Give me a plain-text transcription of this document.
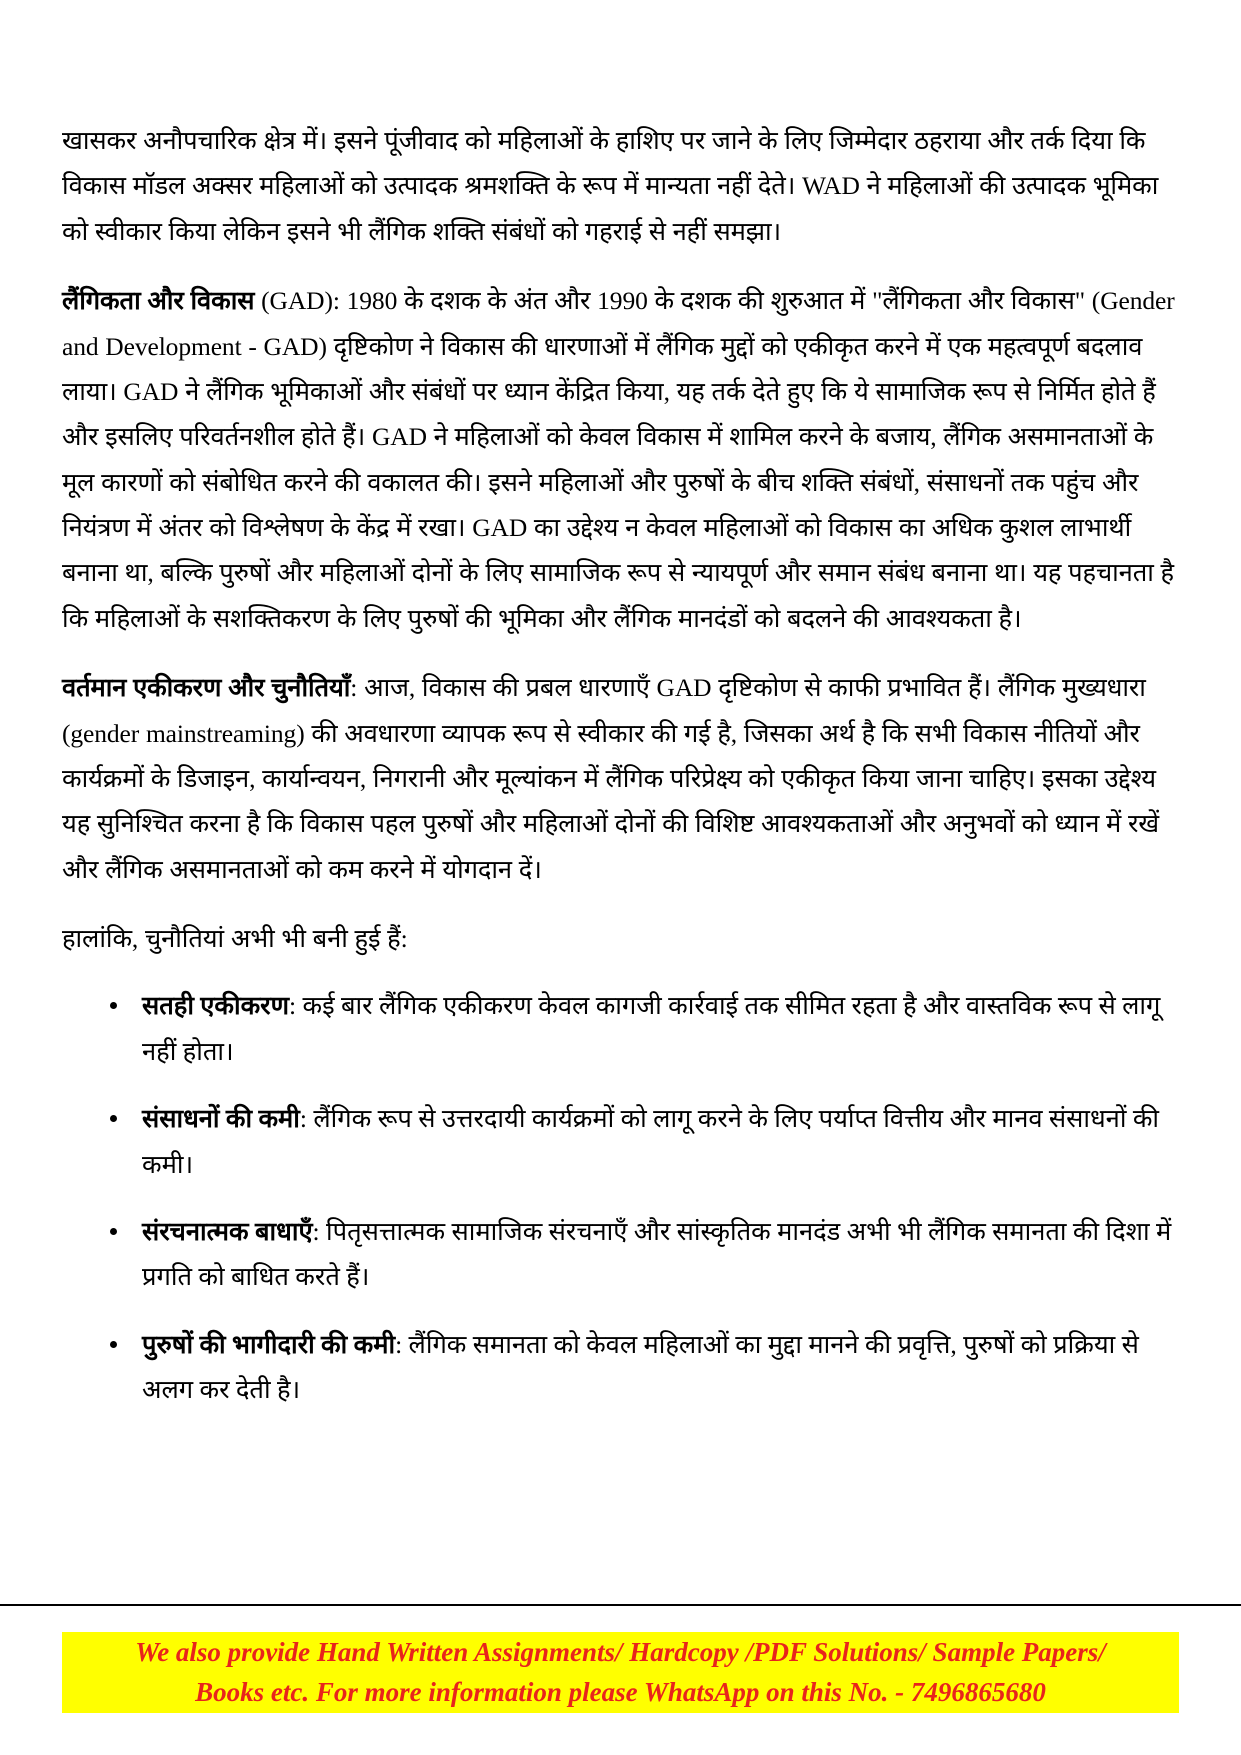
खासकर अनौपचारिक क्षेत्र में। इसने पूंजीवाद को महिलाओं के हाशिए पर जाने के लिए जिम्मेदार ठहराया और तर्क दिया कि विकास मॉडल अक्सर महिलाओं को उत्पादक श्रमशक्ति के रूप में मान्यता नहीं देते। WAD ने महिलाओं की उत्पादक भूमिका को स्वीकार किया लेकिन इसने भी लैंगिक शक्ति संबंधों को गहराई से नहीं समझा।

लैंगिकता और विकास (GAD): 1980 के दशक के अंत और 1990 के दशक की शुरुआत में "लैंगिकता और विकास" (Gender and Development - GAD) दृष्टिकोण ने विकास की धारणाओं में लैंगिक मुद्दों को एकीकृत करने में एक महत्वपूर्ण बदलाव लाया। GAD ने लैंगिक भूमिकाओं और संबंधों पर ध्यान केंद्रित किया, यह तर्क देते हुए कि ये सामाजिक रूप से निर्मित होते हैं और इसलिए परिवर्तनशील होते हैं। GAD ने महिलाओं को केवल विकास में शामिल करने के बजाय, लैंगिक असमानताओं के मूल कारणों को संबोधित करने की वकालत की। इसने महिलाओं और पुरुषों के बीच शक्ति संबंधों, संसाधनों तक पहुंच और नियंत्रण में अंतर को विश्लेषण के केंद्र में रखा। GAD का उद्देश्य न केवल महिलाओं को विकास का अधिक कुशल लाभार्थी बनाना था, बल्कि पुरुषों और महिलाओं दोनों के लिए सामाजिक रूप से न्यायपूर्ण और समान संबंध बनाना था। यह पहचानता है कि महिलाओं के सशक्तिकरण के लिए पुरुषों की भूमिका और लैंगिक मानदंडों को बदलने की आवश्यकता है।

वर्तमान एकीकरण और चुनौतियाँ: आज, विकास की प्रबल धारणाएँ GAD दृष्टिकोण से काफी प्रभावित हैं। लैंगिक मुख्यधारा (gender mainstreaming) की अवधारणा व्यापक रूप से स्वीकार की गई है, जिसका अर्थ है कि सभी विकास नीतियों और कार्यक्रमों के डिजाइन, कार्यान्वयन, निगरानी और मूल्यांकन में लैंगिक परिप्रेक्ष्य को एकीकृत किया जाना चाहिए। इसका उद्देश्य यह सुनिश्चित करना है कि विकास पहल पुरुषों और महिलाओं दोनों की विशिष्ट आवश्यकताओं और अनुभवों को ध्यान में रखें और लैंगिक असमानताओं को कम करने में योगदान दें।

हालांकि, चुनौतियां अभी भी बनी हुई हैं:

सतही एकीकरण: कई बार लैंगिक एकीकरण केवल कागजी कार्रवाई तक सीमित रहता है और वास्तविक रूप से लागू नहीं होता।
संसाधनों की कमी: लैंगिक रूप से उत्तरदायी कार्यक्रमों को लागू करने के लिए पर्याप्त वित्तीय और मानव संसाधनों की कमी।
संरचनात्मक बाधाएँ: पितृसत्तात्मक सामाजिक संरचनाएँ और सांस्कृतिक मानदंड अभी भी लैंगिक समानता की दिशा में प्रगति को बाधित करते हैं।
पुरुषों की भागीदारी की कमी: लैंगिक समानता को केवल महिलाओं का मुद्दा मानने की प्रवृत्ति, पुरुषों को प्रक्रिया से अलग कर देती है।
We also provide Hand Written Assignments/ Hardcopy /PDF Solutions/ Sample Papers/
Books etc. For more information please WhatsApp on this No. - 7496865680
